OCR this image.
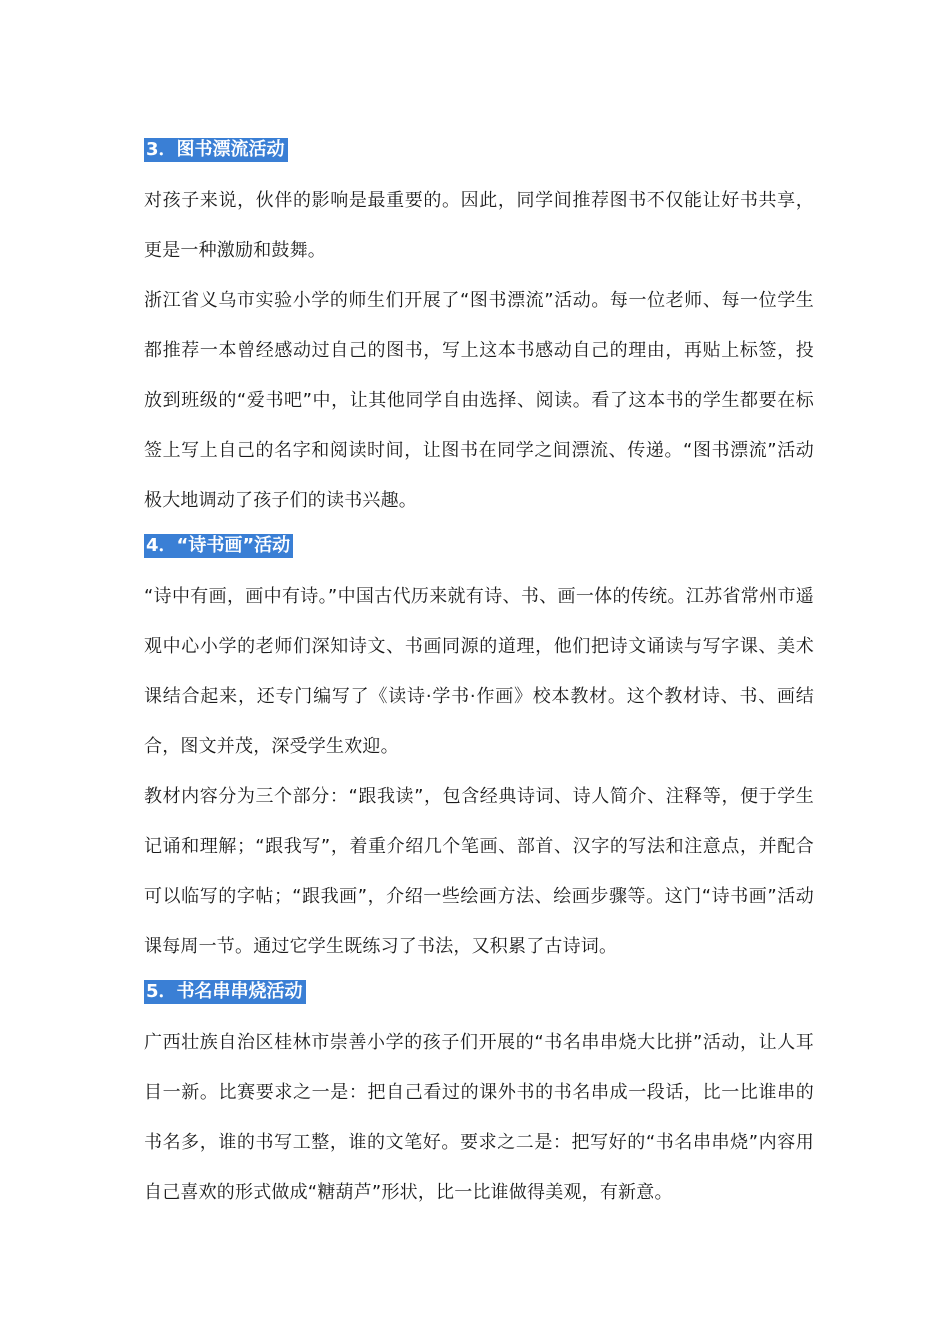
3．图书漂流活动

对孩子来说，伙伴的影响是最重要的。因此，同学间推荐图书不仅能让好书共享，更是一种激励和鼓舞。

浙江省义乌市实验小学的师生们开展了“图书漂流”活动。每一位老师、每一位学生都推荐一本曾经感动过自己的图书，写上这本书感动自己的理由，再贴上标签，投放到班级的“爱书吧”中，让其他同学自由选择、阅读。看了这本书的学生都要在标签上写上自己的名字和阅读时间，让图书在同学之间漂流、传递。“图书漂流”活动极大地调动了孩子们的读书兴趣。

4．“诗书画”活动

“诗中有画，画中有诗。”中国古代历来就有诗、书、画一体的传统。江苏省常州市遥观中心小学的老师们深知诗文、书画同源的道理，他们把诗文诵读与写字课、美术课结合起来，还专门编写了《读诗·学书·作画》校本教材。这个教材诗、书、画结合，图文并茂，深受学生欢迎。

教材内容分为三个部分：“跟我读”，包含经典诗词、诗人简介、注释等，便于学生记诵和理解；“跟我写”，着重介绍几个笔画、部首、汉字的写法和注意点，并配合可以临写的字帖；“跟我画”，介绍一些绘画方法、绘画步骤等。这门“诗书画”活动课每周一节。通过它学生既练习了书法，又积累了古诗词。

5．书名串串烧活动

广西壮族自治区桂林市崇善小学的孩子们开展的“书名串串烧大比拼”活动，让人耳目一新。比赛要求之一是：把自己看过的课外书的书名串成一段话，比一比谁串的书名多，谁的书写工整，谁的文笔好。要求之二是：把写好的“书名串串烧”内容用自己喜欢的形式做成“糖葫芦”形状，比一比谁做得美观，有新意。
